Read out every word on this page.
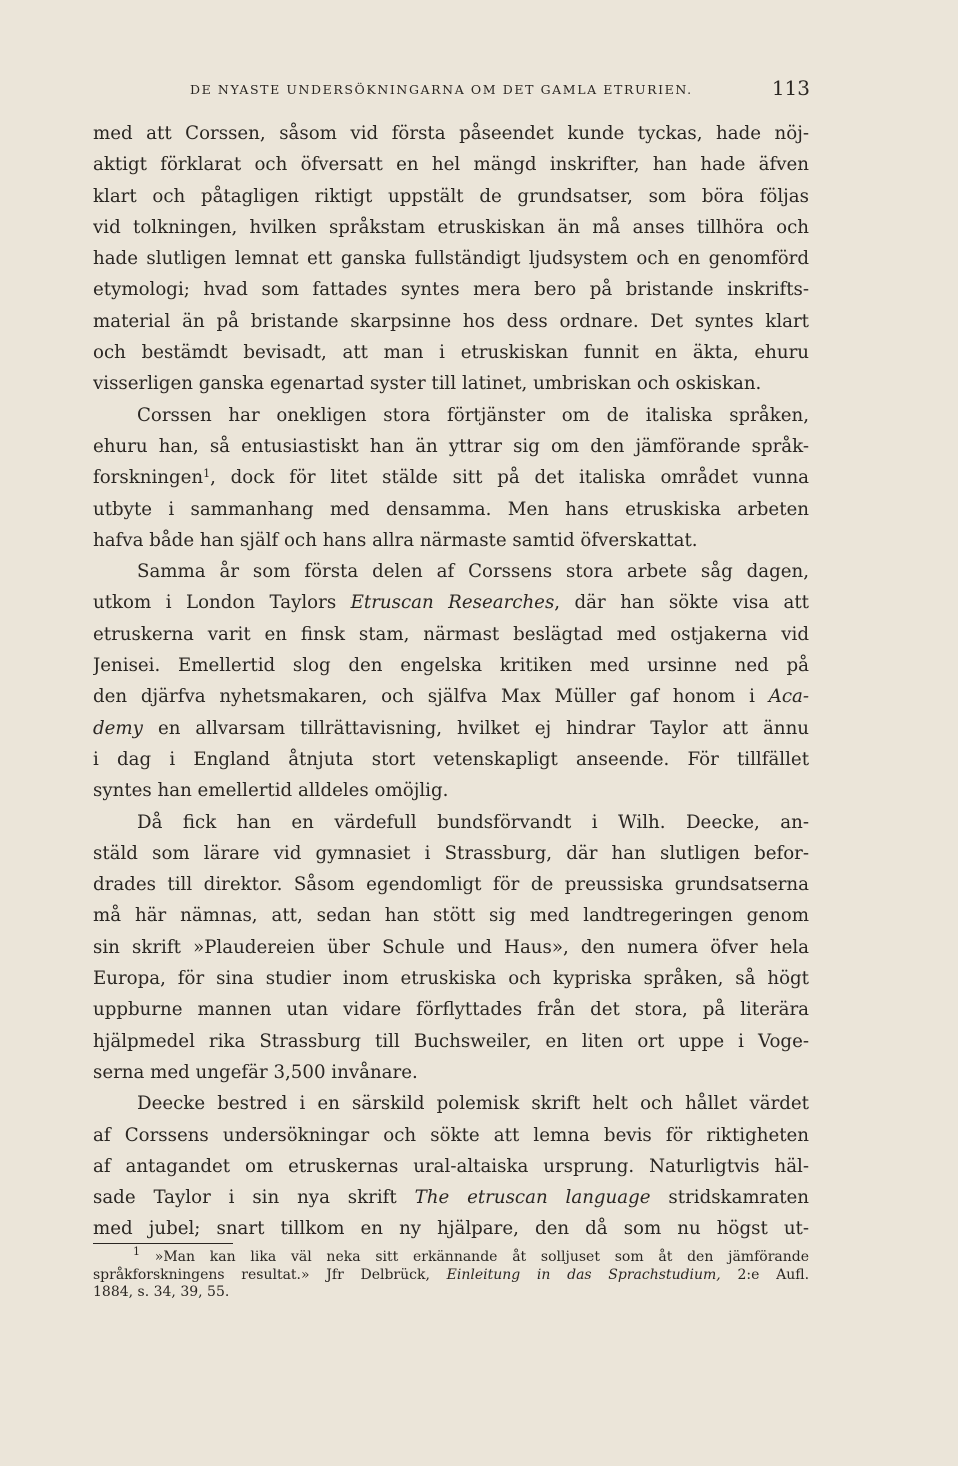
DE NYASTE UNDERSÖKNINGARNA OM DET GAMLA ETRURIEN.	113
med att Corssen, såsom vid första påseendet kunde tyckas, hade nöj-
aktigt förklarat och öfversatt en hel mängd inskrifter, han hade äfven
klart och påtagligen riktigt uppstält de grundsatser, som böra följas
vid tolkningen, hvilken språkstam etruskiskan än må anses tillhöra och
hade slutligen lemnat ett ganska fullständigt ljudsystem och en genomförd
etymologi; hvad som fattades syntes mera bero på bristande inskrifts-
material än på bristande skarpsinne hos dess ordnare. Det syntes klart
och bestämdt bevisadt, att man i etruskiskan funnit en äkta, ehuru
visserligen ganska egenartad syster till latinet, umbriskan och oskiskan.
Corssen har onekligen stora förtjänster om de italiska språken,
ehuru han, så entusiastiskt han än yttrar sig om den jämförande språk-
forskningen$^1$, dock för litet stälde sitt på det italiska området vunna
utbyte i sammanhang med densamma. Men hans etruskiska arbeten
hafva både han själf och hans allra närmaste samtid öfverskattat.
Samma år som första delen af Corssens stora arbete såg dagen,
utkom i London Taylors Etruscan Researches, där han sökte visa att
etruskerna varit en finsk stam, närmast beslägtad med ostjakerna vid
Jenisei. Emellertid slog den engelska kritiken med ursinne ned på
den djärfva nyhetsmakaren, och själfva Max Müller gaf honom i Aca-
demy en allvarsam tillrättavisning, hvilket ej hindrar Taylor att ännu
i dag i England åtnjuta stort vetenskapligt anseende. För tillfället
syntes han emellertid alldeles omöjlig.
Då fick han en värdefull bundsförvandt i Wilh. Deecke, an-
stäld som lärare vid gymnasiet i Strassburg, där han slutligen befor-
drades till direktor. Såsom egendomligt för de preussiska grundsatserna
må här nämnas, att, sedan han stött sig med landtregeringen genom
sin skrift »Plaudereien über Schule und Haus», den numera öfver hela
Europa, för sina studier inom etruskiska och kypriska språken, så högt
uppburne mannen utan vidare förflyttades från det stora, på literära
hjälpmedel rika Strassburg till Buchsweiler, en liten ort uppe i Voge-
serna med ungefär 3,500 invånare.
Deecke bestred i en särskild polemisk skrift helt och hållet värdet
af Corssens undersökningar och sökte att lemna bevis för riktigheten
af antagandet om etruskernas ural-altaiska ursprung. Naturligtvis häl-
sade Taylor i sin nya skrift The etruscan language stridskamraten
med jubel; snart tillkom en ny hjälpare, den då som nu högst ut-
$^1$ »Man kan lika väl neka sitt erkännande åt solljuset som åt den jämförande
språkforskningens resultat.» Jfr Delbrück, Einleitung in das Sprachstudium, 2:e Aufl.
1884, s. 34, 39, 55.
